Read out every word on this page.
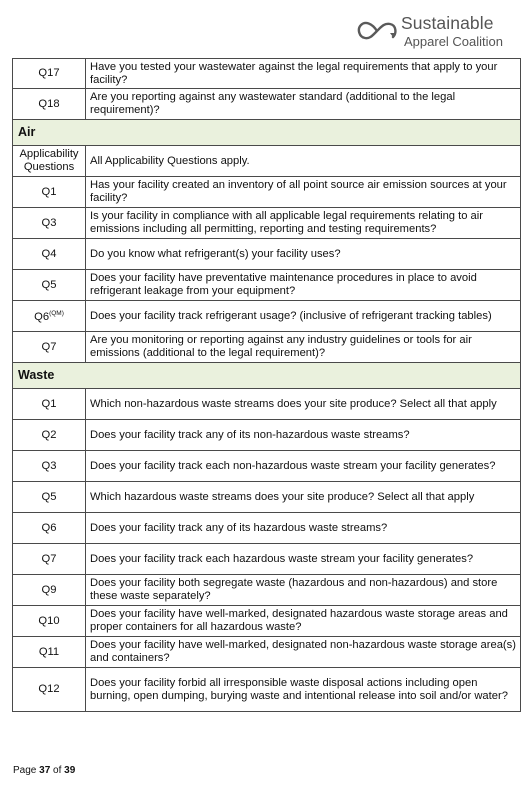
Sustainable
Apparel Coalition
Q17	Have you tested your wastewater against the legal requirements that apply to your facility?
Q18	Are you reporting against any wastewater standard (additional to the legal requirement)?
Air	
Applicability Questions	All Applicability Questions apply.
Q1	Has your facility created an inventory of all point source air emission sources at your facility?
Q3	Is your facility in compliance with all applicable legal requirements relating to air emissions including all permitting, reporting and testing requirements?
Q4	Do you know what refrigerant(s) your facility uses?
Q5	Does your facility have preventative maintenance procedures in place to avoid refrigerant leakage from your equipment?
$Q6^{(QM)}$	Does your facility track refrigerant usage? (inclusive of refrigerant tracking tables)
Q7	Are you monitoring or reporting against any industry guidelines or tools for air emissions (additional to the legal requirement)?
Waste	
Q1	Which non-hazardous waste streams does your site produce? Select all that apply
Q2	Does your facility track any of its non-hazardous waste streams?
Q3	Does your facility track each non-hazardous waste stream your facility generates?
Q5	Which hazardous waste streams does your site produce? Select all that apply
Q6	Does your facility track any of its hazardous waste streams?
Q7	Does your facility track each hazardous waste stream your facility generates?
Q9	Does your facility both segregate waste (hazardous and non-hazardous) and store these waste separately?
Q10	Does your facility have well-marked, designated hazardous waste storage areas and proper containers for all hazardous waste?
Q11	Does your facility have well-marked, designated non-hazardous waste storage area(s) and containers?
Q12	Does your facility forbid all irresponsible waste disposal actions including open burning, open dumping, burying waste and intentional release into soil and/or water?
Page 37 of 39
